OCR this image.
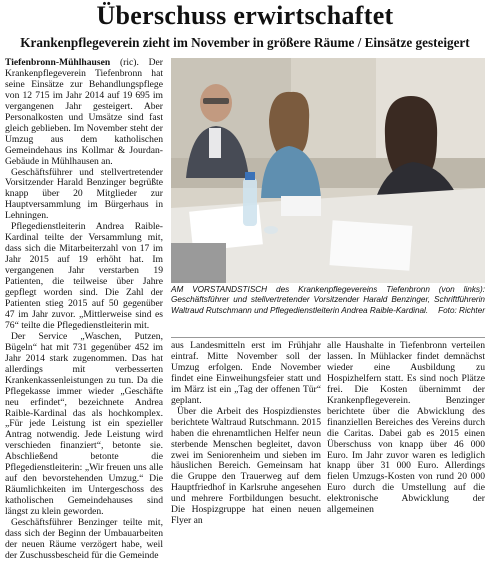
Überschuss erwirtschaftet
Krankenpflegeverein zieht im November in größere Räume / Einsätze gesteigert

Tiefenbronn-Mühlhausen (ric). Der Krankenpflegeverein Tiefenbronn hat seine Einsätze zur Behandlungspflege von 12 715 im Jahr 2014 auf 19 695 im vergangenen Jahr gesteigert. Aber Personalkosten und Umsätze sind fast gleich geblieben. Im November steht der Umzug aus dem katholischen Gemeindehaus ins Kollmar & Jourdan-Gebäude in Mühlhausen an.

Geschäftsführer und stellvertretender Vorsitzender Harald Benzinger begrüßte knapp über 20 Mitglieder zur Hauptversammlung im Bürgerhaus in Lehningen.

Pflegedienstleiterin Andrea Raible-Kardinal teilte der Versammlung mit, dass sich die Mitarbeiterzahl von 17 im Jahr 2015 auf 19 erhöht hat. Im vergangenen Jahr verstarben 19 Patienten, die teilweise über Jahre gepflegt worden sind. Die Zahl der Patienten stieg 2015 auf 50 gegenüber 47 im Jahr zuvor. „Mittlerweise sind es 76“ teilte die Pflegedienstleiterin mit.

Der Service „Waschen, Putzen, Bügeln“ hat mit 731 gegenüber 452 im Jahr 2014 stark zugenommen. Das hat allerdings mit verbesserten Krankenkassenleistungen zu tun. Da die Pflegekasse immer wieder „Geschäfte neu erfindet“, bezeichnete Andrea Raible-Kardinal das als hochkomplex. „Für jede Leistung ist ein spezieller Antrag notwendig. Jede Leistung wird verschieden finanziert“, betonte sie. Abschließend betonte die Pflegedienstleiterin: „Wir freuen uns alle auf den bevorstehenden Umzug.“ Die Räumlichkeiten im Untergeschoss des katholischen Gemeindehauses sind längst zu klein geworden.

Geschäftsführer Benzinger teilte mit, dass sich der Beginn der Umbauarbeiten der neuen Räume verzögert habe, weil der Zuschussbescheid für die Gemeinde

AM VORSTANDSTISCH des Krankenpflegevereins Tiefenbronn (von links): Geschäftsführer und stellvertretender Vorsitzender Harald Benzinger, Schriftführerin Waltraud Rutschmann und Pflegedienstleiterin Andrea Raible-Kardinal. Foto: Richter

aus Landesmitteln erst im Frühjahr eintraf. Mitte November soll der Umzug erfolgen. Ende November findet eine Einweihungsfeier statt und im März ist ein „Tag der offenen Tür“ geplant.

Über die Arbeit des Hospizdienstes berichtete Waltraud Rutschmann. 2015 haben die ehrenamtlichen Helfer neun sterbende Menschen begleitet, davon zwei im Seniorenheim und sieben im häuslichen Bereich. Gemeinsam hat die Gruppe den Trauerweg auf dem Hauptfriedhof in Karlsruhe angesehen und mehrere Fortbildungen besucht. Die Hospizgruppe hat einen neuen Flyer an

alle Haushalte in Tiefenbronn verteilen lassen. In Mühlacker findet demnächst wieder eine Ausbildung zu Hospizhelfern statt. Es sind noch Plätze frei. Die Kosten übernimmt der Krankenpflegeverein. Benzinger berichtete über die Abwicklung des finanziellen Bereiches des Vereins durch die Caritas. Dabei gab es 2015 einen Überschuss von knapp über 46 000 Euro. Im Jahr zuvor waren es lediglich knapp über 31 000 Euro. Allerdings fielen Umzugs-Kosten von rund 20 000 Euro durch die Umstellung auf die elektronische Abwicklung der allgemeinen
